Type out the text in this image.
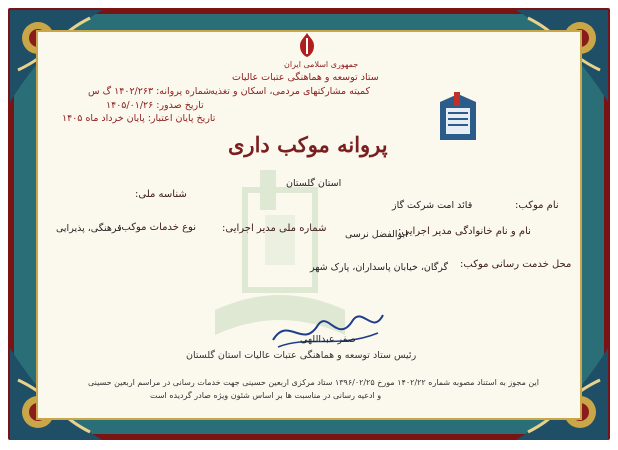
جمهوری اسلامی ایران
ستاد توسعه و هماهنگی عتبات عالیات
کمیته مشارکتهای مردمی، اسکان و تغذیه
شماره پروانه: ۱۴۰۲/۲۶۳ گ س
تاریخ صدور: ۱۴۰۵/۰۱/۲۶
تاریخ پایان اعتبار: پایان خرداد ماه ۱۴۰۵
پروانه موکب داری
استان گلستان
نام موکب:
قائد امت شرکت گاز
شناسه ملی:
نام و نام خانوادگی مدیر اجرایی:
ابوالفضل نرسی
شماره ملی مدیر اجرایی:
نوع خدمات موکب:
فرهنگی، پذیرایی
محل خدمت رسانی موکب:
گرگان، خیابان پاسداران، پارک شهر
صفر عبداللهی
رئیس ستاد توسعه و هماهنگی عتبات عالیات استان گلستان
این مجوز به استناد مصوبه شماره ۱۴۰۲/۲۲ مورخ ۱۳۹۶/۰۲/۲۵ ستاد مرکزی اربعین حسینی جهت خدمات رسانی در مراسم اربعین حسینی
و ادعیه رسانی در مناسبت ها بر اساس شئون ویژه صادر گردیده است
